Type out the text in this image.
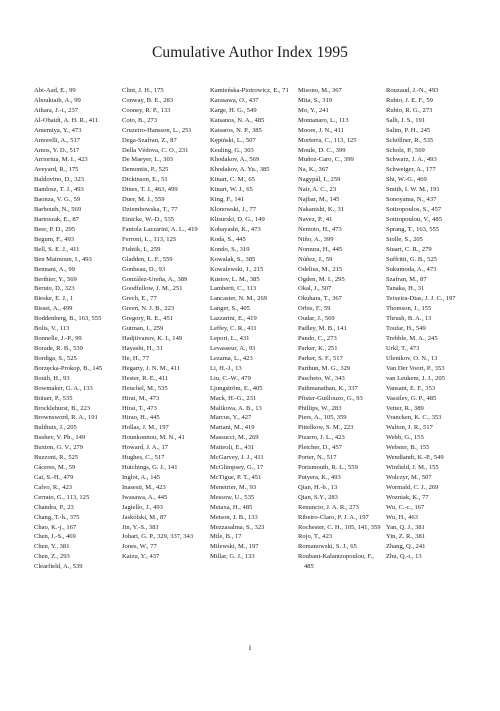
Cumulative Author Index 1995
Abi-Aad, E., 99
Abouktaib, A., 99
Aihara, J.-i., 237
Al-Obaidi, A. H. R., 411
Amemiya, Y., 473
Amorelli, A., 517
Amos, Y. D., 517
Arriortua, M. I., 423
Aveyard, R., 175
Baldovino, D., 323
Bandosz, T. J., 493
Baonza, V. G., 59
Barbouth, N., 569
Bartoszak, E., 87
Beer, P. D., 295
Begum, F., 493
Bell, S. E. J., 411
Ben Maimoun, I., 493
Bennani, A., 99
Berthier, Y., 569
Beruto, D., 323
Bieske, E. J., 1
Bisset, A., 499
Boddenberg, B., 163, 555
Bolis, V., 113
Bonnelle, J.-P., 99
Borade, R. B., 539
Bordiga, S., 525
Borzęcka-Prokop, B., 145
Bouih, H., 93
Bowmaker, G. A., 133
Bräuer, P., 535
Brocklehurst, B., 223
Brownsword, R. A., 191
Bulthuis, J., 205
Bushev, V. Ph., 149
Buxton, G. V., 279
Buzzoni, R., 525
Cáceres, M., 59
Cai, S.-H., 479
Calvo, R., 423
Cerrato, G., 113, 125
Chandra, P., 23
Chang, T.-h., 375
Chao, K.-j., 167
Chen, J.-S., 469
Chen, Y., 381
Chen, Z., 293
Clearfield, A., 539
Clint, J. H., 175
Conway, B. E., 283
Cooney, R. P., 133
Coto, B., 273
Cruzeiro-Hansson, L., 251
Dega-Szafran, Z., 87
Della Védova, C. O., 231
De Maeyer, L., 303
Demontis, P., 525
Dickinson, E., 51
Dines, T. J., 463, 499
Duer, M. J., 559
Dziembowska, T., 77
Einicke, W.-D., 535
Fantola Lazzarini, A. L., 419
Ferroni, L., 113, 125
Fishtik, I., 259
Gladden, L. F., 559
Gonbeau, D., 93
González-Ureña, A., 389
Goodfellow, J. M., 251
Grech, E., 77
Green, N. J. B., 223
Gregory, R. E., 451
Gutman, I., 259
Hadjiivanov, K. I., 149
Hayashi, H., 31
He, H., 77
Hegarty, J. N. M., 411
Hester, R. E., 411
Heuchel, M., 535
Hirai, M., 473
Hirai, T., 473
Hirao, H., 445
Hollas, J. M., 197
Hounkonnou, M. N., 41
Howard, J. A., 17
Hughes, C., 517
Hutchings, G. J., 141
Inglot, A., 145
Inasesti, M., 423
Iwasawa, A., 445
Jagiello, J., 493
Jaskólski, M., 87
Jin, Y.-S., 381
Johari, G. P., 329, 337, 343
Jones, W., 77
Kaizu, Y., 437
Kamieńska-Piotrowicz, E., 71
Karasawa, O., 437
Karge, H. G., 549
Katsanos, N. A., 485
Katsaros, N. P., 385
Kępiński, L., 507
Keuling, G., 303
Khodakov, A., 569
Khodakov, A. Yu., 385
Kinart, C. M., 65
Kinart, W. J., 65
King, F., 141
Klonowski, J., 77
Klisurski, D. G., 149
Kobayashi, K., 473
Koda, S., 445
Kondo, S., 319
Kowalak, S., 385
Kowalewski, J., 215
Kustov, L. M., 385
Lamberti, C., 113
Lancaster, N. M., 269
Langer, S., 405
Lazzarini, E., 419
Leffey, C. R., 411
Lepori, L., 431
Levasseur, A., 93
Lezama, L., 423
Li, H.-J., 13
Liu, C.-W., 479
Ljungström, E., 405
Mack, H.-G., 231
Malikova, A. B., 13
Marcus, Y., 427
Mariani, M., 419
Massucci, M., 269
Matteoli, E., 431
McGarvey, J. J., 411
McGlimpsey, G., 17
McTigue, P. T., 451
Menetrier, M., 93
Messow, U., 535
Metaxa, H., 485
Metson, J. B., 133
Mezzasalma, S., 323
Mile, B., 17
Milewski, M., 197
Millar, G. J., 133
Misono, M., 367
Mita, S., 319
Mo, Y., 241
Montanaro, L., 113
Moore, J. N., 411
Morterra, C., 113, 125
Moule, D. C., 399
Muñoz-Caro, C., 399
Na, K., 367
Nagypál, I., 259
Nair, A. C., 23
Najbar, M., 145
Nakanishi, K., 31
Navez, P., 41
Nemoto, H., 473
Niño, A., 399
Nomura, H., 445
Núñez, J., 59
Odelius, M., 215
Ogden, M. I., 295
Okal, J., 507
Okuhara, T., 367
Orbis, F., 59
Oudar, J., 569
Padley, M. B., 141
Pando, C., 273
Parker, K., 251
Parker, S. F., 517
Parthun, M. G., 329
Pascheto, W., 343
Pathmanathan, K., 337
Pfister-Guillouzo, G., 93
Phillips, W., 283
Piers, A., 105, 359
Pittelkow, S. M., 223
Pizarro, J. L., 423
Pletcher, D., 457
Porter, N., 517
Portsmouth, R. L., 559
Putyera, K., 493
Qian, H.-b., 13
Qian, S.Y., 283
Renuncio, J. A. R., 273
Ribeiro-Claro, P. J. A., 197
Rochester, C. H., 105, 141, 359
Rojo, T., 423
Romanowski, S. J., 65
Roubani-Kalantzopoulou, F., 485
Rouzaud, J.-N., 493
Rubio, J. E. F., 59
Rubio, R. G., 273
Salh, J. S., 191
Salim, P. H., 245
Schöllner, R., 535
Scholz, P., 569
Schwarz, J. A., 493
Schweiger, A., 177
Shi, W.-G., 469
Smith, I. W. M., 191
Sonoyama, N., 437
Sotiropoulos, S., 457
Sotiropoulou, V., 485
Sprang, T., 163, 555
Stolle, S., 205
Stuart, C. R., 279
Suffritti, G. B., 525
Sukumoda, A., 473
Szafran, M., 87
Tanaka, H., 31
Teixeira-Dias, J. J. C., 197
Thomson, J., 155
Thrush, B. A., 13
Toufar, H., 549
Trebble, M. A., 245
Urkl, T., 473
Ulenikov, O. N., 13
Van Der Voort, P., 353
van Leukem, J. J., 205
Vansant, E. F., 353
Vassilev, G. P., 485
Vetter, R., 389
Vrancken, K. C., 353
Walton, J. R., 517
Webb, G., 155
Webster, B., 155
Wendlandt, K.-P., 549
Winfield, J. M., 155
Wołczyr, M., 507
Wormald, C. J., 269
Wozniak, K., 77
Wu, C.-c., 167
Wu, H., 463
Yan, Q. J., 381
Yin, Z. R., 381
Zhang, Q., 241
Zhu, Q.-t., 13
i
